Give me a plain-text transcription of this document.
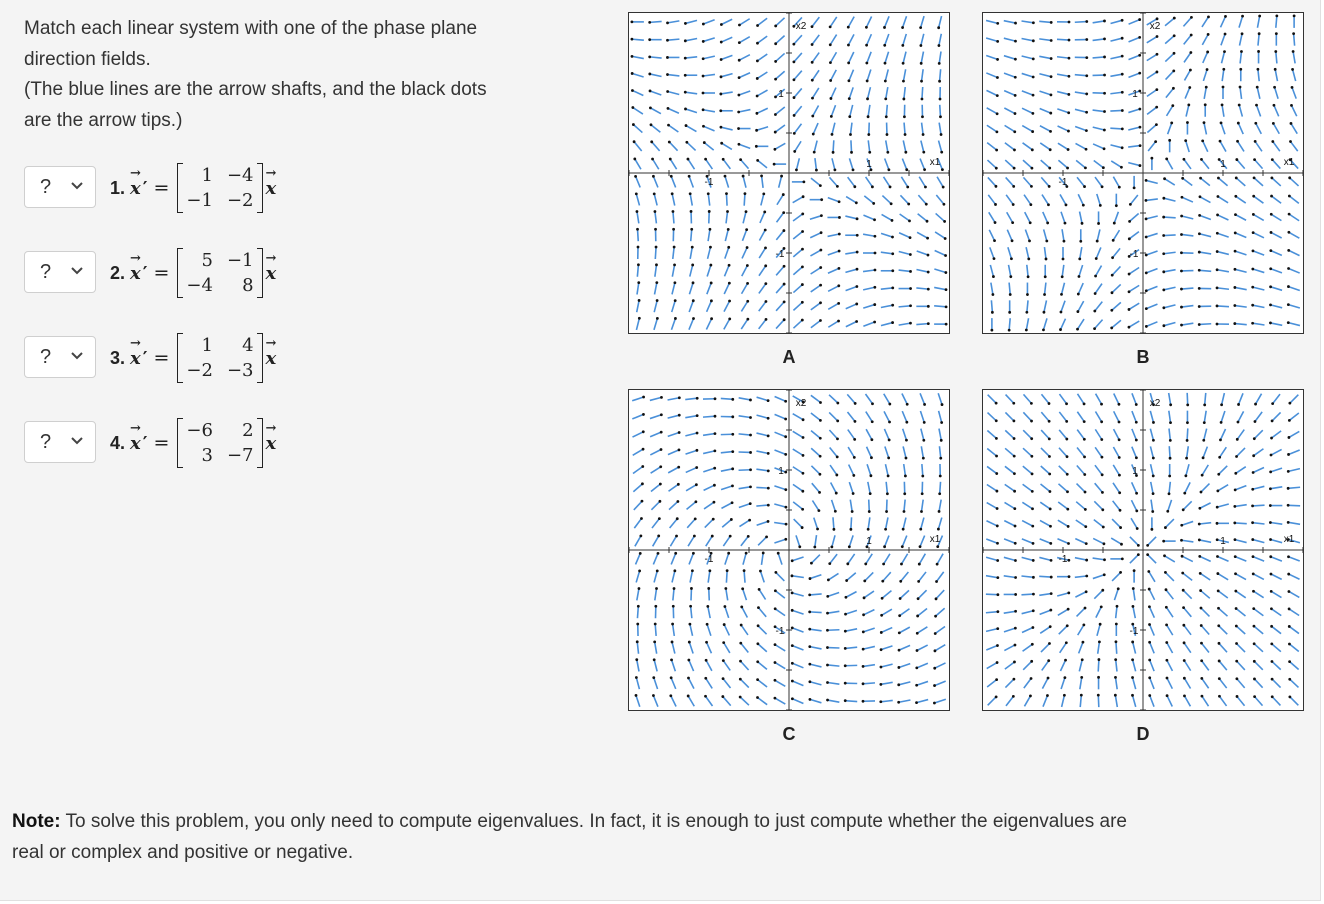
Match each linear system with one of the phase plane
direction fields.
(The blue lines are the arrow shafts, and the black dots
are the arrow tips.)
?	1.
→
x ′ =
1 −4
−1 −2
→
x
?	2.
→
x ′ =
5 −1
−4	8
→
x
?	3.
→
x ′ =
1	4
−2 −3
→
x
?	4.
→
x ′ =
−6	2
3 −7
→
x
x2
x1
1
-1
1
-1
A
x2
x1
1
-1
1
-1
B
x2
x1
1
-1
1
-1
C
x2
x1
1
-1
1
-1
D
Note: To solve this problem, you only need to compute eigenvalues. In fact, it is enough to just compute whether the eigenvalues are
real or complex and positive or negative.
